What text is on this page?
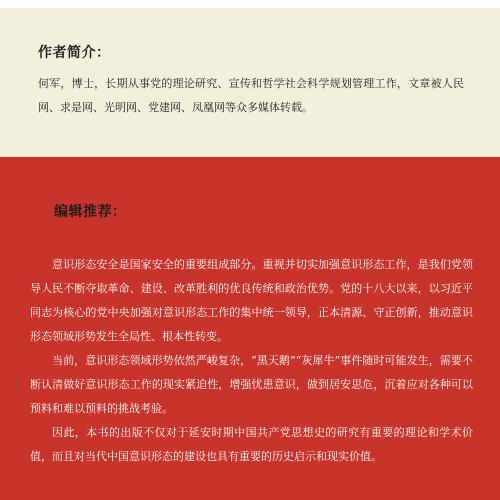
作者简介：
何军，博士，长期从事党的理论研究、宣传和哲学社会科学规划管理工作，文章被人民网、求是网、光明网、党建网、凤凰网等众多媒体转载。
编辑推荐：

意识形态安全是国家安全的重要组成部分。重视并切实加强意识形态工作，是我们党领导人民不断夺取革命、建设、改革胜利的优良传统和政治优势。党的十八大以来，以习近平同志为核心的党中央加强对意识形态工作的集中统一领导，正本清源、守正创新，推动意识形态领域形势发生全局性、根本性转变。

当前，意识形态领域形势依然严峻复杂，“黑天鹅”“灰犀牛”事件随时可能发生，需要不断认清做好意识形态工作的现实紧迫性，增强忧患意识，做到居安思危，沉着应对各种可以预料和难以预料的挑战考验。

因此，本书的出版不仅对于延安时期中国共产党思想史的研究有重要的理论和学术价值，而且对当代中国意识形态的建设也具有重要的历史启示和现实价值。
